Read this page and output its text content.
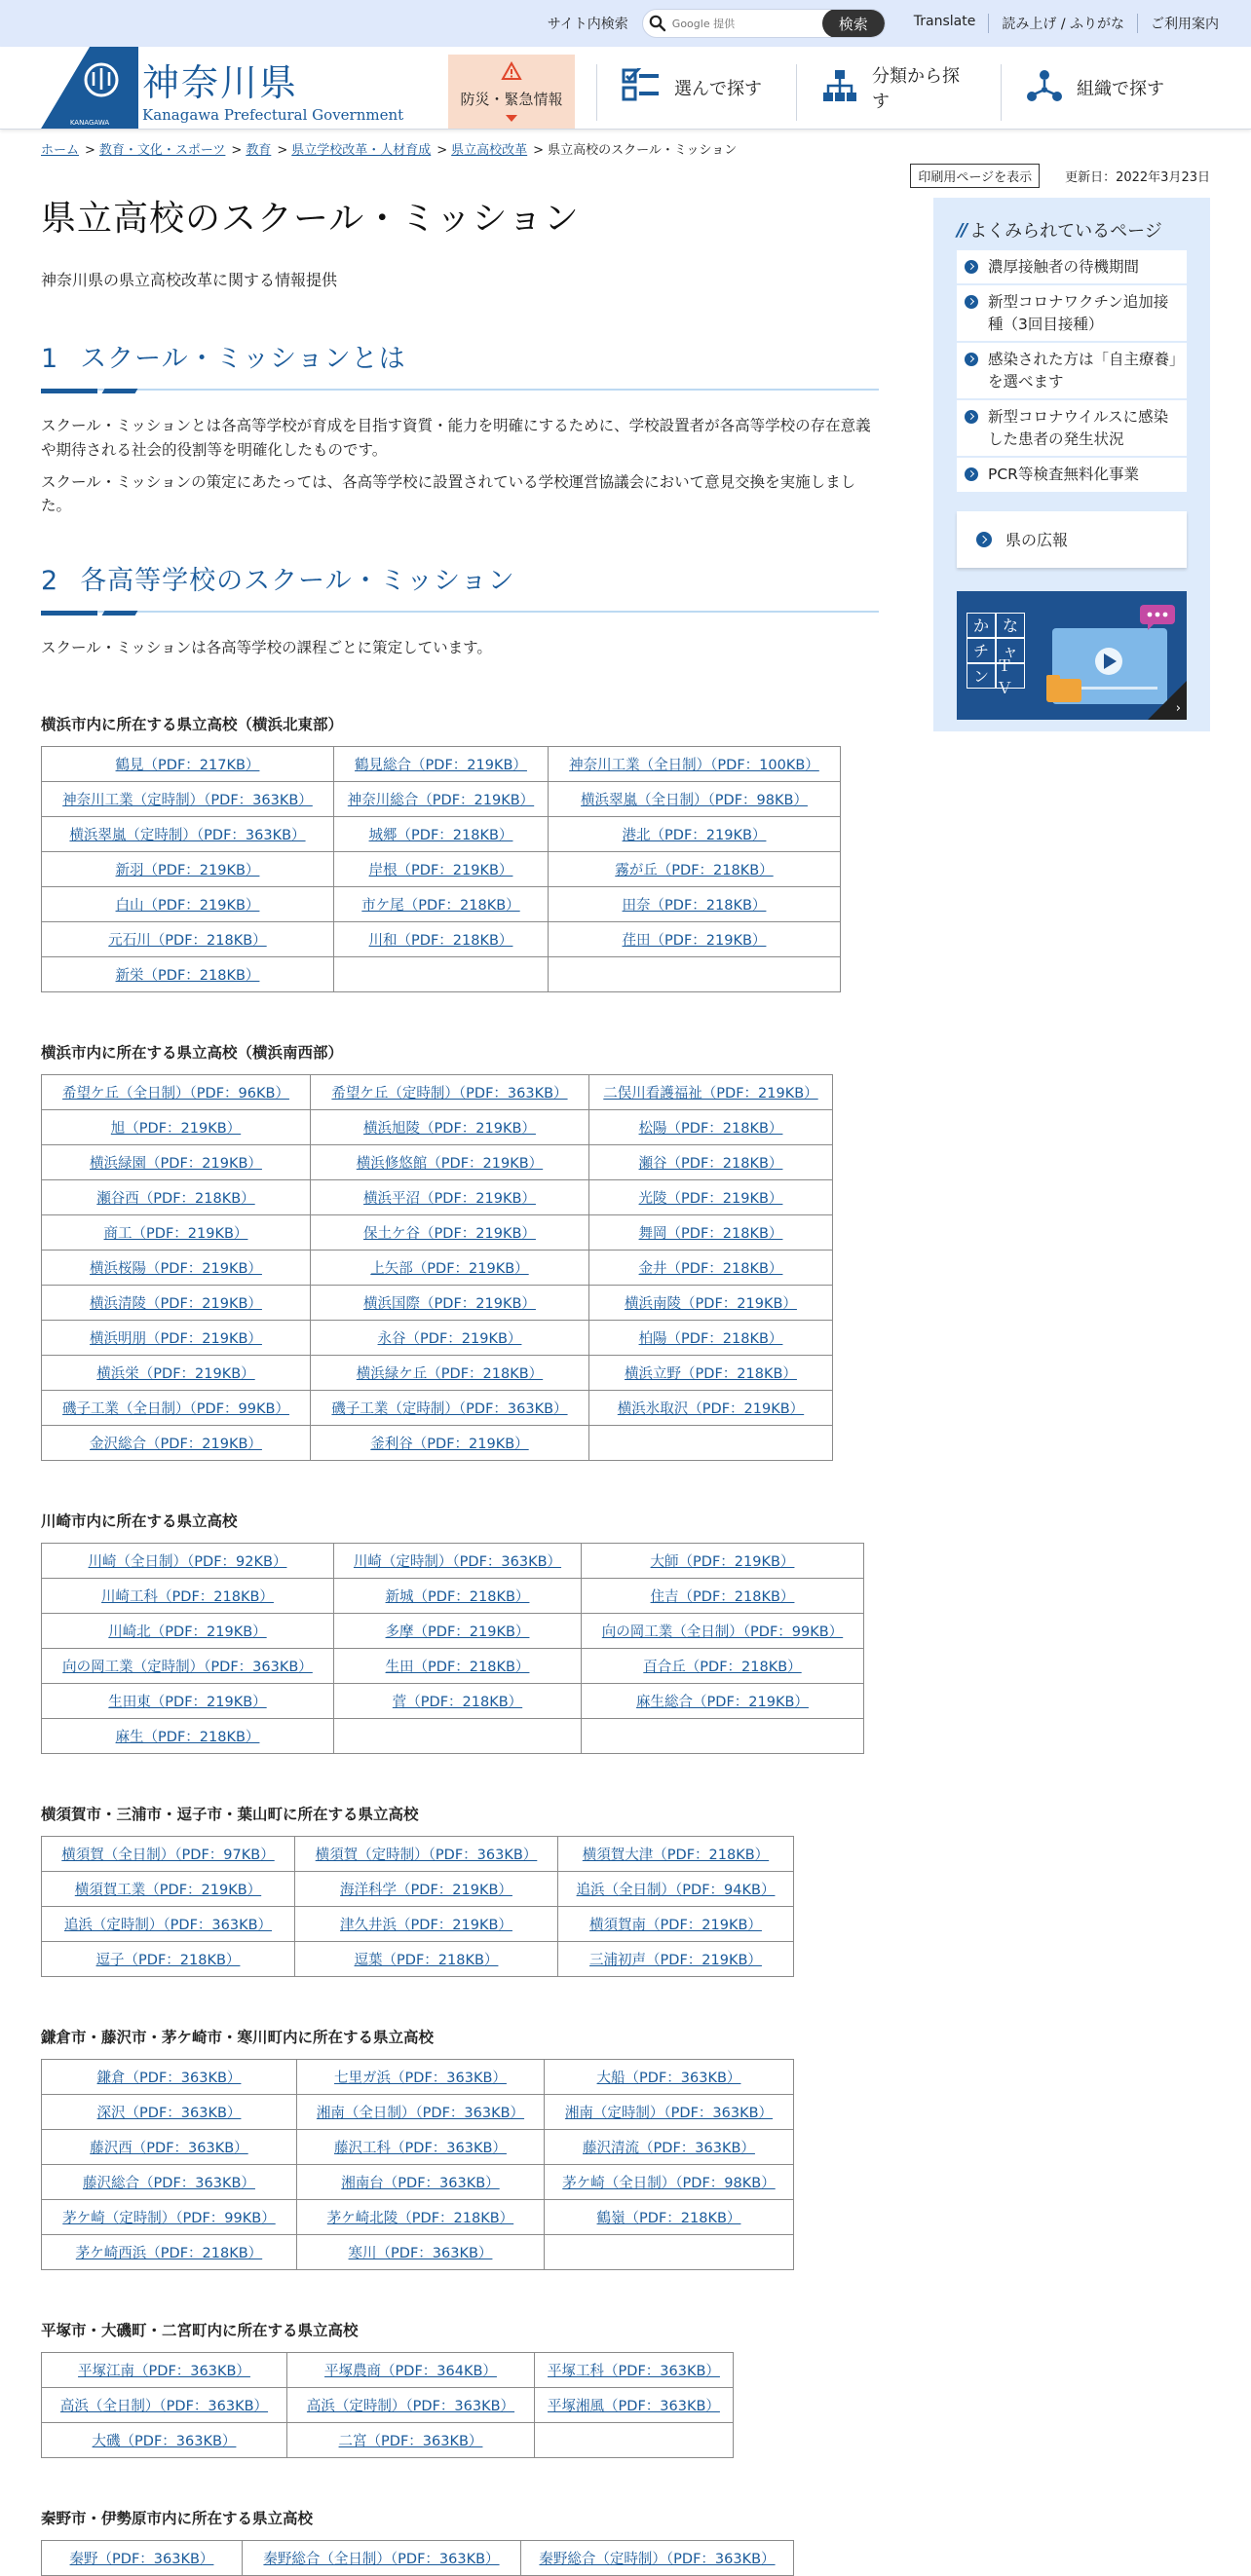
サイト内検索
Google 提供	検索	Translate	読み上げ / ふりがな	ご利用案内
KANAGAWA
神奈川県
Kanagawa Prefectural Government
防災・緊急情報	選んで探す
分類から探す
組織で探す
ホーム > 教育・文化・スポーツ > 教育 > 県立学校改革・人材育成 > 県立高校改革 > 県立高校のスクール・ミッション
印刷用ページを表示	更新日：2022年3月23日
県立高校のスクール・ミッション
神奈川県の県立高校改革に関する情報提供
1 スクール・ミッションとは

スクール・ミッションとは各高等学校が育成を目指す資質・能力を明確にするために、学校設置者が各高等学校の存在意義や期待される社会的役割等を明確化したものです。

スクール・ミッションの策定にあたっては、各高等学校に設置されている学校運営協議会において意見交換を実施しました。

2 各高等学校のスクール・ミッション

スクール・ミッションは各高等学校の課程ごとに策定しています。

横浜市内に所在する県立高校（横浜北東部）
鶴見（PDF：217KB）	鶴見総合（PDF：219KB）	神奈川工業（全日制）（PDF：100KB）
神奈川工業（定時制）（PDF：363KB）	神奈川総合（PDF：219KB）	横浜翠嵐（全日制）（PDF：98KB）
横浜翠嵐（定時制）（PDF：363KB）	城郷（PDF：218KB）	港北（PDF：219KB）
新羽（PDF：219KB）	岸根（PDF：219KB）	霧が丘（PDF：218KB）
白山（PDF：219KB）	市ケ尾（PDF：218KB）	田奈（PDF：218KB）
元石川（PDF：218KB）	川和（PDF：218KB）	荏田（PDF：219KB）
新栄（PDF：218KB）		
横浜市内に所在する県立高校（横浜南西部）
希望ケ丘（全日制）（PDF：96KB）	希望ケ丘（定時制）（PDF：363KB）	二俣川看護福祉（PDF：219KB）
旭（PDF：219KB）	横浜旭陵（PDF：219KB）	松陽（PDF：218KB）
横浜緑園（PDF：219KB）	横浜修悠館（PDF：219KB）	瀬谷（PDF：218KB）
瀬谷西（PDF：218KB）	横浜平沼（PDF：219KB）	光陵（PDF：219KB）
商工（PDF：219KB）	保土ケ谷（PDF：219KB）	舞岡（PDF：218KB）
横浜桜陽（PDF：219KB）	上矢部（PDF：219KB）	金井（PDF：218KB）
横浜清陵（PDF：219KB）	横浜国際（PDF：219KB）	横浜南陵（PDF：219KB）
横浜明朋（PDF：219KB）	永谷（PDF：219KB）	柏陽（PDF：218KB）
横浜栄（PDF：219KB）	横浜緑ケ丘（PDF：218KB）	横浜立野（PDF：218KB）
磯子工業（全日制）（PDF：99KB）	磯子工業（定時制）（PDF：363KB）	横浜氷取沢（PDF：219KB）
金沢総合（PDF：219KB）	釜利谷（PDF：219KB）	
川崎市内に所在する県立高校
川崎（全日制）（PDF：92KB）	川崎（定時制）（PDF：363KB）	大師（PDF：219KB）
川崎工科（PDF：218KB）	新城（PDF：218KB）	住吉（PDF：218KB）
川崎北（PDF：219KB）	多摩（PDF：219KB）	向の岡工業（全日制）（PDF：99KB）
向の岡工業（定時制）（PDF：363KB）	生田（PDF：218KB）	百合丘（PDF：218KB）
生田東（PDF：219KB）	菅（PDF：218KB）	麻生総合（PDF：219KB）
麻生（PDF：218KB）		
横須賀市・三浦市・逗子市・葉山町に所在する県立高校
横須賀（全日制）（PDF：97KB）	横須賀（定時制）（PDF：363KB）	横須賀大津（PDF：218KB）
横須賀工業（PDF：219KB）	海洋科学（PDF：219KB）	追浜（全日制）（PDF：94KB）
追浜（定時制）（PDF：363KB）	津久井浜（PDF：219KB）	横須賀南（PDF：219KB）
逗子（PDF：218KB）	逗葉（PDF：218KB）	三浦初声（PDF：219KB）
鎌倉市・藤沢市・茅ケ崎市・寒川町内に所在する県立高校
鎌倉（PDF：363KB）	七里ガ浜（PDF：363KB）	大船（PDF：363KB）
深沢（PDF：363KB）	湘南（全日制）（PDF：363KB）	湘南（定時制）（PDF：363KB）
藤沢西（PDF：363KB）	藤沢工科（PDF：363KB）	藤沢清流（PDF：363KB）
藤沢総合（PDF：363KB）	湘南台（PDF：363KB）	茅ケ崎（全日制）（PDF：98KB）
茅ケ崎（定時制）（PDF：99KB）	茅ケ崎北陵（PDF：218KB）	鶴嶺（PDF：218KB）
茅ケ崎西浜（PDF：218KB）	寒川（PDF：363KB）	
平塚市・大磯町・二宮町内に所在する県立高校
平塚江南（PDF：363KB）	平塚農商（PDF：364KB）	平塚工科（PDF：363KB）
高浜（全日制）（PDF：363KB）	高浜（定時制）（PDF：363KB）	平塚湘風（PDF：363KB）
大磯（PDF：363KB）	二宮（PDF：363KB）	
秦野市・伊勢原市内に所在する県立高校
秦野（PDF：363KB）	秦野総合（全日制）（PDF：363KB）	秦野総合（定時制）（PDF：363KB）
// よくみられているページ
濃厚接触者の待機期間
新型コロナワクチン追加接種（3回目接種）
感染された方は「自主療養」を選べます
新型コロナウイルスに感染した患者の発生状況
PCR等検査無料化事業
県の広報
か な
チ ャ
ン
ＴＶ
›
